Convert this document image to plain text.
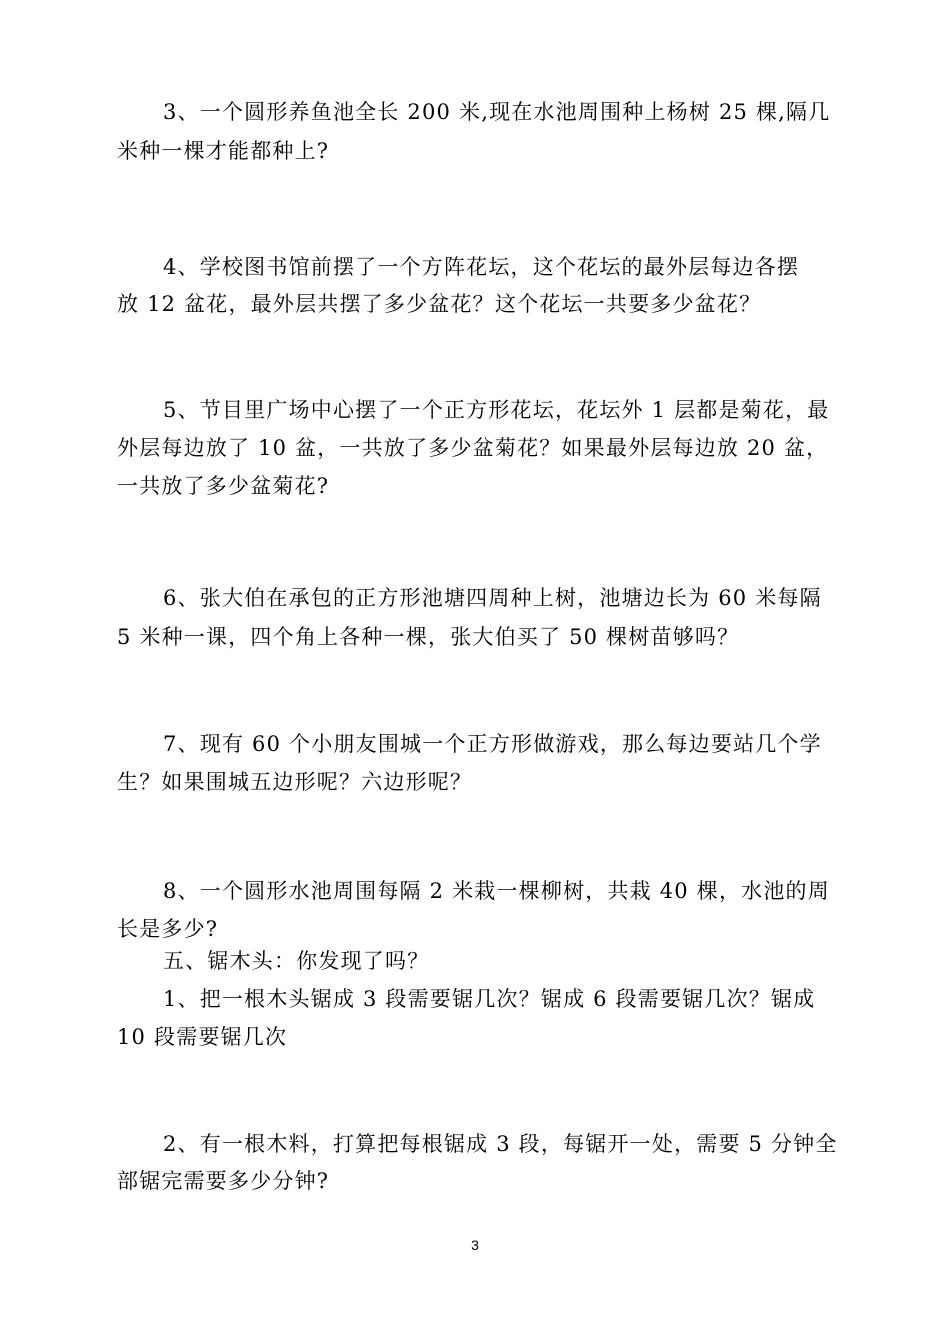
3、一个圆形养鱼池全长 200 米,现在水池周围种上杨树 25 棵,隔几
米种一棵才能都种上?
4、学校图书馆前摆了一个方阵花坛，这个花坛的最外层每边各摆
放 12 盆花，最外层共摆了多少盆花？这个花坛一共要多少盆花？
5、节目里广场中心摆了一个正方形花坛，花坛外 1 层都是菊花，最
外层每边放了 10 盆，一共放了多少盆菊花？如果最外层每边放 20 盆，
一共放了多少盆菊花?
6、张大伯在承包的正方形池塘四周种上树，池塘边长为 60 米每隔
5 米种一课，四个角上各种一棵，张大伯买了 50 棵树苗够吗？
7、现有 60 个小朋友围城一个正方形做游戏，那么每边要站几个学
生？如果围城五边形呢？六边形呢？
8、一个圆形水池周围每隔 2 米栽一棵柳树，共栽 40 棵，水池的周
长是多少?
五、锯木头：你发现了吗？
1、把一根木头锯成 3 段需要锯几次？锯成 6 段需要锯几次？锯成
10 段需要锯几次
2、有一根木料，打算把每根锯成 3 段，每锯开一处，需要 5 分钟全
部锯完需要多少分钟?
3
